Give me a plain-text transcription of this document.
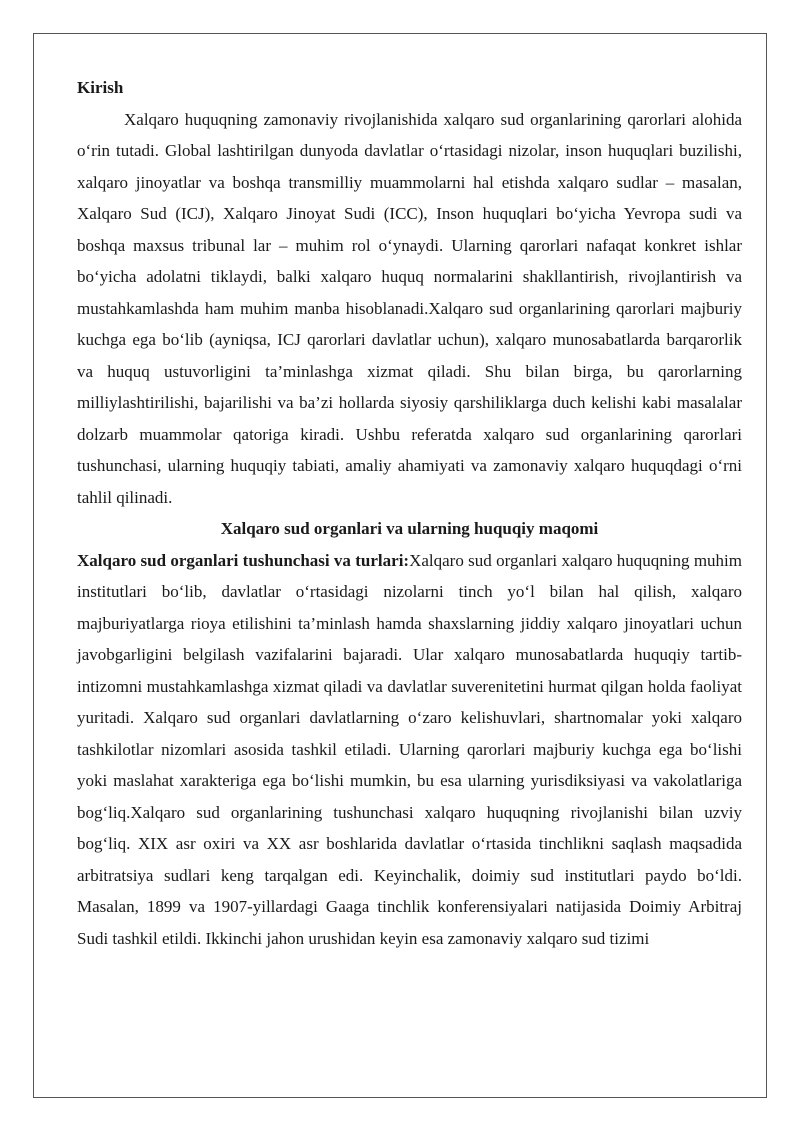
Kirish

Xalqaro huquqning zamonaviy rivojlanishida xalqaro sud organlarining qarorlari alohida o‘rin tutadi. Global lashtirilgan dunyoda davlatlar o‘rtasidagi nizolar, inson huquqlari buzilishi, xalqaro jinoyatlar va boshqa transmilliy muammolarni hal etishda xalqaro sudlar – masalan, Xalqaro Sud (ICJ), Xalqaro Jinoyat Sudi (ICC), Inson huquqlari bo‘yicha Yevropa sudi va boshqa maxsus tribunal lar – muhim rol o‘ynaydi. Ularning qarorlari nafaqat konkret ishlar bo‘yicha adolatni tiklaydi, balki xalqaro huquq normalarini shakllantirish, rivojlantirish va mustahkamlashda ham muhim manba hisoblanadi.Xalqaro sud organlarining qarorlari majburiy kuchga ega bo‘lib (ayniqsa, ICJ qarorlari davlatlar uchun), xalqaro munosabatlarda barqarorlik va huquq ustuvorligini ta’minlashga xizmat qiladi. Shu bilan birga, bu qarorlarning milliylashtirilishi, bajarilishi va ba’zi hollarda siyosiy qarshiliklarga duch kelishi kabi masalalar dolzarb muammolar qatoriga kiradi. Ushbu referatda xalqaro sud organlarining qarorlari tushunchasi, ularning huquqiy tabiati, amaliy ahamiyati va zamonaviy xalqaro huquqdagi o‘rni tahlil qilinadi.

Xalqaro sud organlari va ularning huquqiy maqomi

Xalqaro sud organlari tushunchasi va turlari:Xalqaro sud organlari xalqaro huquqning muhim institutlari bo‘lib, davlatlar o‘rtasidagi nizolarni tinch yo‘l bilan hal qilish, xalqaro majburiyatlarga rioya etilishini ta’minlash hamda shaxslarning jiddiy xalqaro jinoyatlari uchun javobgarligini belgilash vazifalarini bajaradi. Ular xalqaro munosabatlarda huquqiy tartib-intizomni mustahkamlashga xizmat qiladi va davlatlar suverenitetini hurmat qilgan holda faoliyat yuritadi. Xalqaro sud organlari davlatlarning o‘zaro kelishuvlari, shartnomalar yoki xalqaro tashkilotlar nizomlari asosida tashkil etiladi. Ularning qarorlari majburiy kuchga ega bo‘lishi yoki maslahat xarakteriga ega bo‘lishi mumkin, bu esa ularning yurisdiksiyasi va vakolatlariga bog‘liq.Xalqaro sud organlarining tushunchasi xalqaro huquqning rivojlanishi bilan uzviy bog‘liq. XIX asr oxiri va XX asr boshlarida davlatlar o‘rtasida tinchlikni saqlash maqsadida arbitratsiya sudlari keng tarqalgan edi. Keyinchalik, doimiy sud institutlari paydo bo‘ldi. Masalan, 1899 va 1907-yillardagi Gaaga tinchlik konferensiyalari natijasida Doimiy Arbitraj Sudi tashkil etildi. Ikkinchi jahon urushidan keyin esa zamonaviy xalqaro sud tizimi
